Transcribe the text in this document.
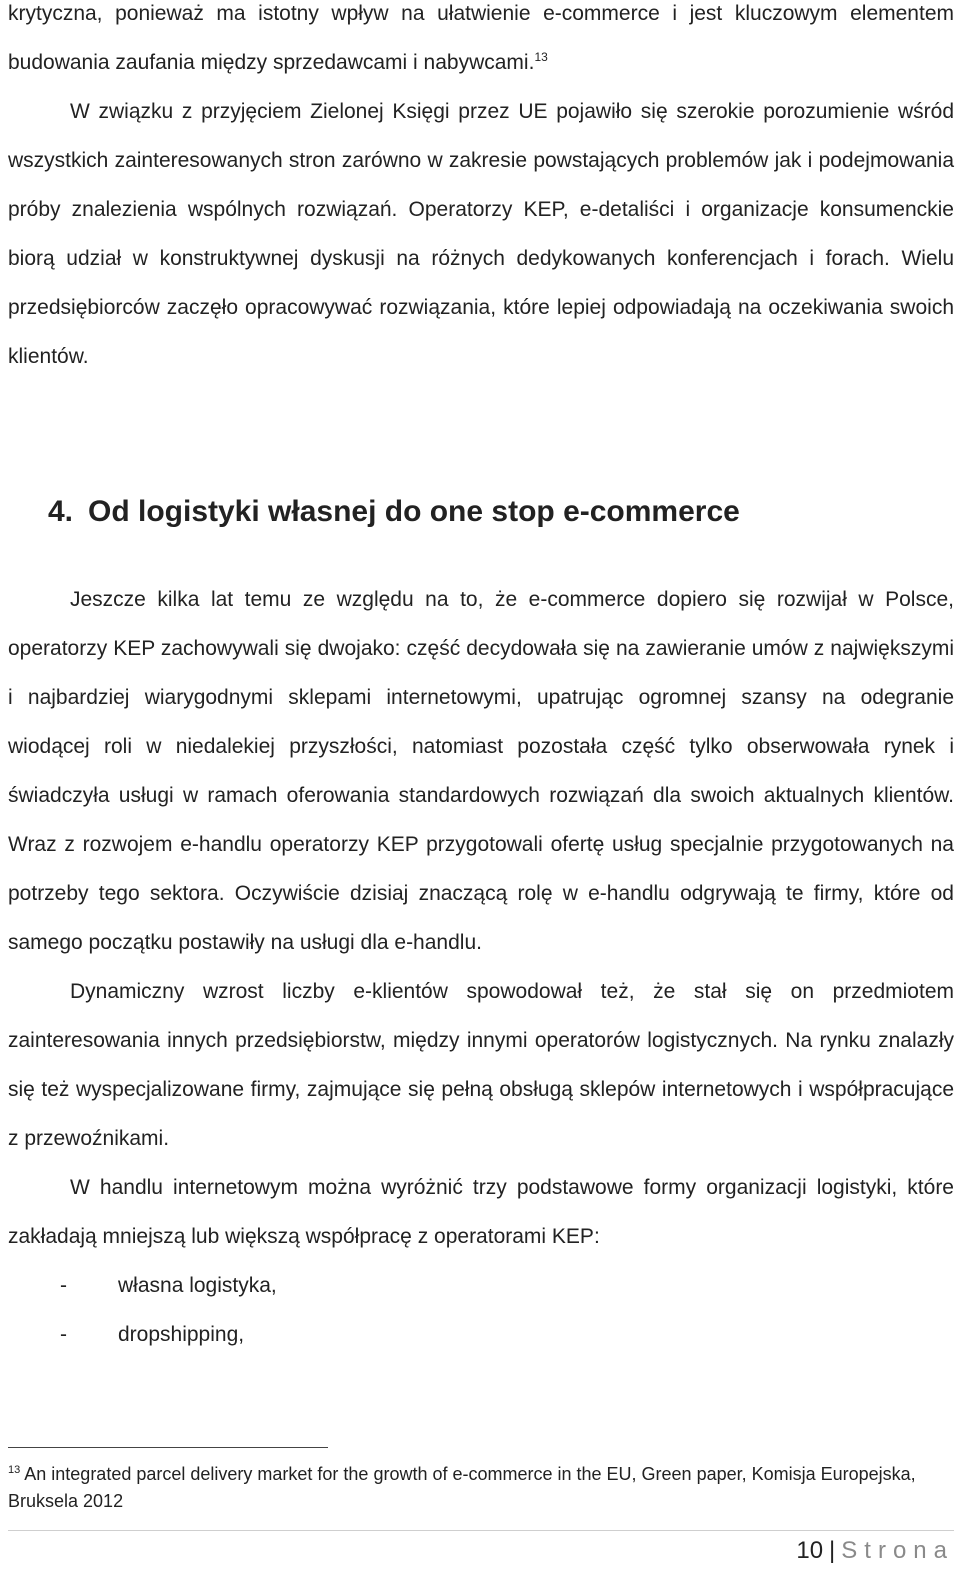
krytyczna, ponieważ ma istotny wpływ na ułatwienie e-commerce i jest kluczowym elementem budowania zaufania między sprzedawcami i nabywcami.$^{13}$

W związku z przyjęciem Zielonej Księgi przez UE pojawiło się szerokie porozumienie wśród wszystkich zainteresowanych stron zarówno w zakresie powstających problemów jak i podejmowania próby znalezienia wspólnych rozwiązań. Operatorzy KEP, e-detaliści i organizacje konsumenckie biorą udział w konstruktywnej dyskusji na różnych dedykowanych konferencjach i forach. Wielu przedsiębiorców zaczęło opracowywać rozwiązania, które lepiej odpowiadają na oczekiwania swoich klientów.

4. Od logistyki własnej do one stop e-commerce

Jeszcze kilka lat temu ze względu na to, że e-commerce dopiero się rozwijał w Polsce, operatorzy KEP zachowywali się dwojako: część decydowała się na zawieranie umów z największymi i najbardziej wiarygodnymi sklepami internetowymi, upatrując ogromnej szansy na odegranie wiodącej roli w niedalekiej przyszłości, natomiast pozostała część tylko obserwowała rynek i świadczyła usługi w ramach oferowania standardowych rozwiązań dla swoich aktualnych klientów. Wraz z rozwojem e-handlu operatorzy KEP przygotowali ofertę usług specjalnie przygotowanych na potrzeby tego sektora. Oczywiście dzisiaj znaczącą rolę w e-handlu odgrywają te firmy, które od samego początku postawiły na usługi dla e-handlu.

Dynamiczny wzrost liczby e-klientów spowodował też, że stał się on przedmiotem zainteresowania innych przedsiębiorstw, między innymi operatorów logistycznych. Na rynku znalazły się też wyspecjalizowane firmy, zajmujące się pełną obsługą sklepów internetowych i współpracujące z przewoźnikami.

W handlu internetowym można wyróżnić trzy podstawowe formy organizacji logistyki, które zakładają mniejszą lub większą współpracę z operatorami KEP:

-	własna logistyka,
-	dropshipping,

$^{13}$ An integrated parcel delivery market for the growth of e-commerce in the EU, Green paper, Komisja Europejska, Bruksela 2012

10 | Strona
